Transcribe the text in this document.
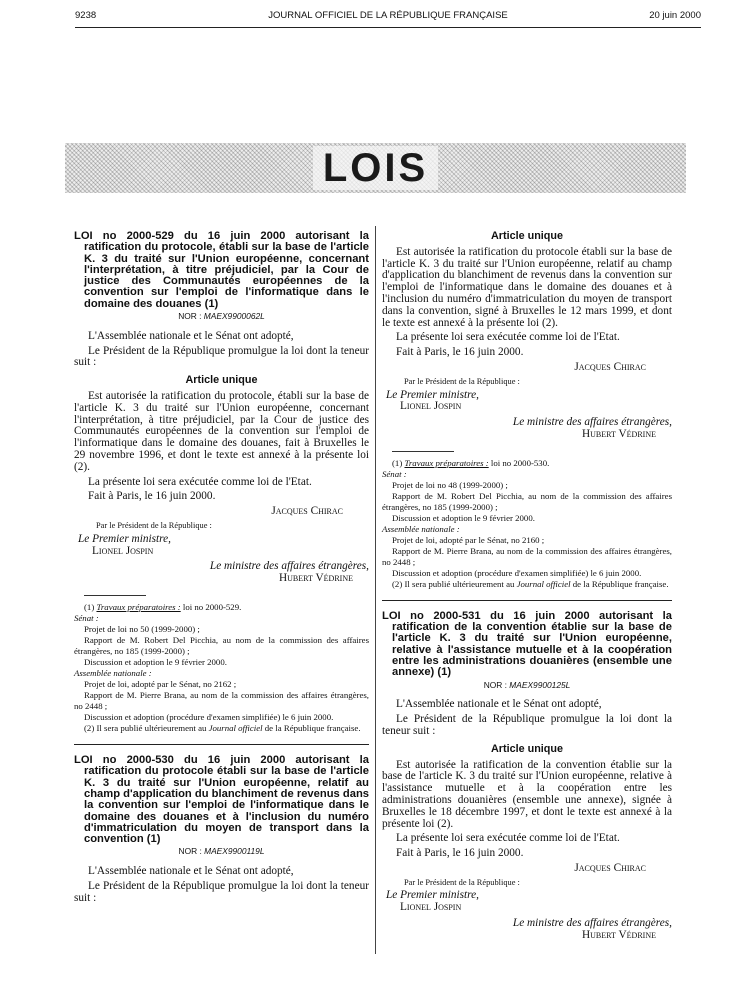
9238	JOURNAL OFFICIEL DE LA RÉPUBLIQUE FRANÇAISE	20 juin 2000
LOIS

LOI no 2000-529 du 16 juin 2000 autorisant la ratification du protocole, établi sur la base de l'article K. 3 du traité sur l'Union européenne, concernant l'interprétation, à titre préjudiciel, par la Cour de justice des Communautés européennes de la convention sur l'emploi de l'informatique dans le domaine des douanes (1)

NOR : MAEX9900062L

L'Assemblée nationale et le Sénat ont adopté,

Le Président de la République promulgue la loi dont la teneur suit :

Article unique

Est autorisée la ratification du protocole, établi sur la base de l'article K. 3 du traité sur l'Union européenne, concernant l'interprétation, à titre préjudiciel, par la Cour de justice des Communautés européennes de la convention sur l'emploi de l'informatique dans le domaine des douanes, fait à Bruxelles le 29 novembre 1996, et dont le texte est annexé à la présente loi (2).

La présente loi sera exécutée comme loi de l'Etat.

Fait à Paris, le 16 juin 2000.

Jacques Chirac

Par le Président de la République :

Le Premier ministre,

Lionel Jospin

Le ministre des affaires étrangères,

Hubert Védrine

(1) Travaux préparatoires : loi no 2000-529.

Sénat :

Projet de loi no 50 (1999-2000) ;

Rapport de M. Robert Del Picchia, au nom de la commission des affaires étrangères, no 185 (1999-2000) ;

Discussion et adoption le 9 février 2000.

Assemblée nationale :

Projet de loi, adopté par le Sénat, no 2162 ;

Rapport de M. Pierre Brana, au nom de la commission des affaires étrangères, no 2448 ;

Discussion et adoption (procédure d'examen simplifiée) le 6 juin 2000.

(2) Il sera publié ultérieurement au Journal officiel de la République française.

LOI no 2000-530 du 16 juin 2000 autorisant la ratification du protocole établi sur la base de l'article K. 3 du traité sur l'Union européenne, relatif au champ d'application du blanchiment de revenus dans la convention sur l'emploi de l'informatique dans le domaine des douanes et à l'inclusion du numéro d'immatriculation du moyen de transport dans la convention (1)

NOR : MAEX9900119L

L'Assemblée nationale et le Sénat ont adopté,

Le Président de la République promulgue la loi dont la teneur suit :

Article unique

Est autorisée la ratification du protocole établi sur la base de l'article K. 3 du traité sur l'Union européenne, relatif au champ d'application du blanchiment de revenus dans la convention sur l'emploi de l'informatique dans le domaine des douanes et à l'inclusion du numéro d'immatriculation du moyen de transport dans la convention, signé à Bruxelles le 12 mars 1999, et dont le texte est annexé à la présente loi (2).

La présente loi sera exécutée comme loi de l'Etat.

Fait à Paris, le 16 juin 2000.

Jacques Chirac

Par le Président de la République :

Le Premier ministre,

Lionel Jospin

Le ministre des affaires étrangères,

Hubert Védrine

(1) Travaux préparatoires : loi no 2000-530.

Sénat :

Projet de loi no 48 (1999-2000) ;

Rapport de M. Robert Del Picchia, au nom de la commission des affaires étrangères, no 185 (1999-2000) ;

Discussion et adoption le 9 février 2000.

Assemblée nationale :

Projet de loi, adopté par le Sénat, no 2160 ;

Rapport de M. Pierre Brana, au nom de la commission des affaires étrangères, no 2448 ;

Discussion et adoption (procédure d'examen simplifiée) le 6 juin 2000.

(2) Il sera publié ultérieurement au Journal officiel de la République française.

LOI no 2000-531 du 16 juin 2000 autorisant la ratification de la convention établie sur la base de l'article K. 3 du traité sur l'Union européenne, relative à l'assistance mutuelle et à la coopération entre les administrations douanières (ensemble une annexe) (1)

NOR : MAEX9900125L

L'Assemblée nationale et le Sénat ont adopté,

Le Président de la République promulgue la loi dont la teneur suit :

Article unique

Est autorisée la ratification de la convention établie sur la base de l'article K. 3 du traité sur l'Union européenne, relative à l'assistance mutuelle et à la coopération entre les administrations douanières (ensemble une annexe), signée à Bruxelles le 18 décembre 1997, et dont le texte est annexé à la présente loi (2).

La présente loi sera exécutée comme loi de l'Etat.

Fait à Paris, le 16 juin 2000.

Jacques Chirac

Par le Président de la République :

Le Premier ministre,

Lionel Jospin

Le ministre des affaires étrangères,

Hubert Védrine
